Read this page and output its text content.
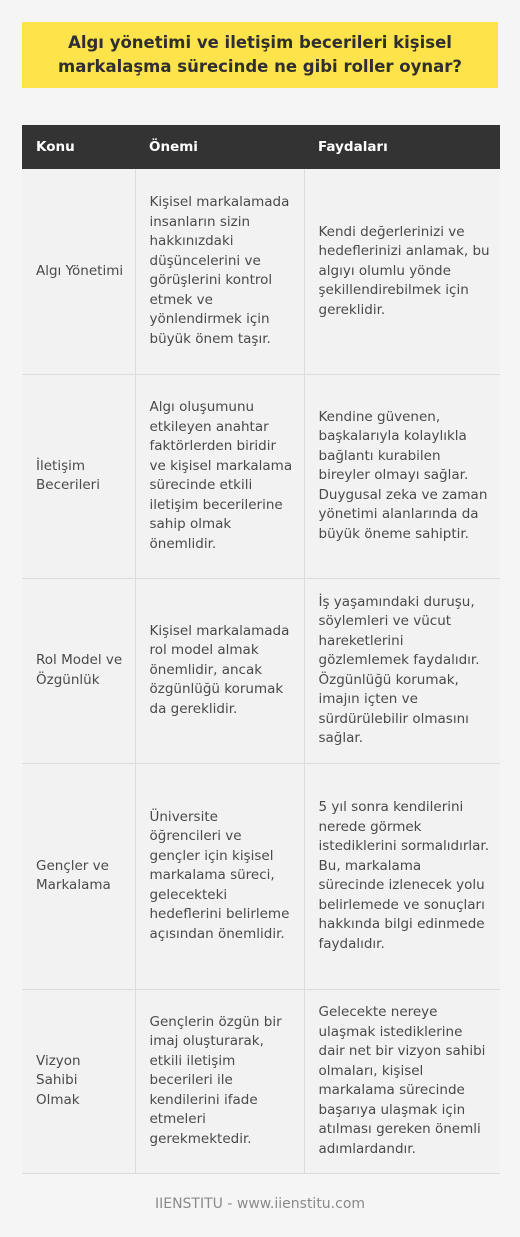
Algı yönetimi ve iletişim becerileri kişisel markalaşma sürecinde ne gibi roller oynar?
Konu	Önemi	Faydaları
Algı Yönetimi	Kişisel markalamada insanların sizin hakkınızdaki düşüncelerini ve görüşlerini kontrol etmek ve yönlendirmek için büyük önem taşır.	Kendi değerlerinizi ve hedeflerinizi anlamak, bu algıyı olumlu yönde şekillendirebilmek için gereklidir.
İletişim Becerileri	Algı oluşumunu etkileyen anahtar faktörlerden biridir ve kişisel markalama sürecinde etkili iletişim becerilerine sahip olmak önemlidir.	Kendine güvenen, başkalarıyla kolaylıkla bağlantı kurabilen bireyler olmayı sağlar. Duygusal zeka ve zaman yönetimi alanlarında da büyük öneme sahiptir.
Rol Model ve Özgünlük	Kişisel markalamada rol model almak önemlidir, ancak özgünlüğü korumak da gereklidir.	İş yaşamındaki duruşu, söylemleri ve vücut hareketlerini gözlemlemek faydalıdır. Özgünlüğü korumak, imajın içten ve sürdürülebilir olmasını sağlar.
Gençler ve Markalama	Üniversite öğrencileri ve gençler için kişisel markalama süreci, gelecekteki hedeflerini belirleme açısından önemlidir.	5 yıl sonra kendilerini nerede görmek istediklerini sormalıdırlar. Bu, markalama sürecinde izlenecek yolu belirlemede ve sonuçları hakkında bilgi edinmede faydalıdır.
Vizyon Sahibi Olmak	Gençlerin özgün bir imaj oluşturarak, etkili iletişim becerileri ile kendilerini ifade etmeleri gerekmektedir.	Gelecekte nereye ulaşmak istediklerine dair net bir vizyon sahibi olmaları, kişisel markalama sürecinde başarıya ulaşmak için atılması gereken önemli adımlardandır.
IIENSTITU - www.iienstitu.com
